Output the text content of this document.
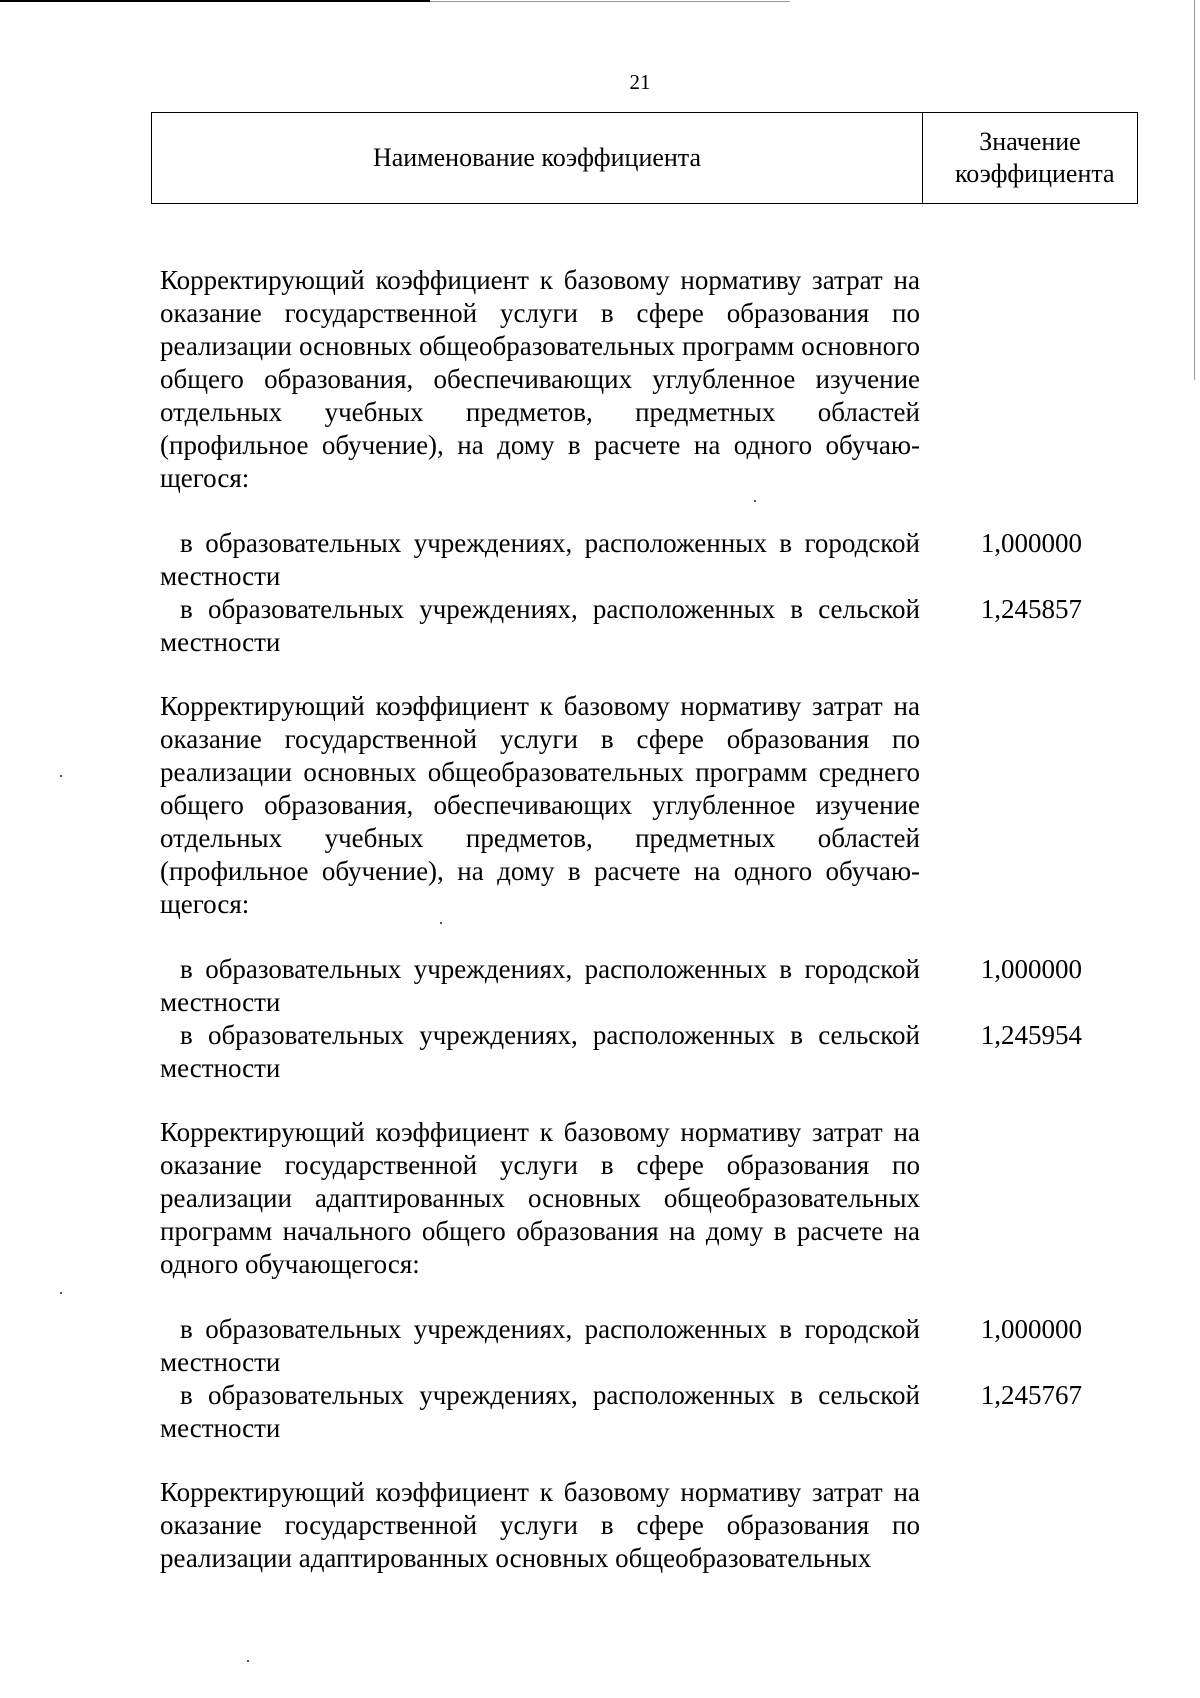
21
Наименование коэффициента
Значение коэффициента
Корректирующий коэффициент к базовому нормативу затрат на оказание государственной услуги в сфере образования по реализации основных общеобразовательных программ основного общего образования, обеспечивающих углубленное изучение отдельных учебных предметов, предметных областей (профильное обучение), на дому в расчете на одного обучающегося:
в образовательных учреждениях, расположенных в городской местности
1,000000
в образовательных учреждениях, расположенных в сельской местности
1,245857
Корректирующий коэффициент к базовому нормативу затрат на оказание государственной услуги в сфере образования по реализации основных общеобразовательных программ среднего общего образования, обеспечивающих углубленное изучение отдельных учебных предметов, предметных областей (профильное обучение), на дому в расчете на одного обучающегося:
в образовательных учреждениях, расположенных в городской местности
1,000000
в образовательных учреждениях, расположенных в сельской местности
1,245954
Корректирующий коэффициент к базовому нормативу затрат на оказание государственной услуги в сфере образования по реализации адаптированных основных общеобразовательных программ начального общего образования на дому в расчете на одного обучающегося:
в образовательных учреждениях, расположенных в городской местности
1,000000
в образовательных учреждениях, расположенных в сельской местности
1,245767
Корректирующий коэффициент к базовому нормативу затрат на оказание государственной услуги в сфере образования по реализации адаптированных основных общеобразовательных
